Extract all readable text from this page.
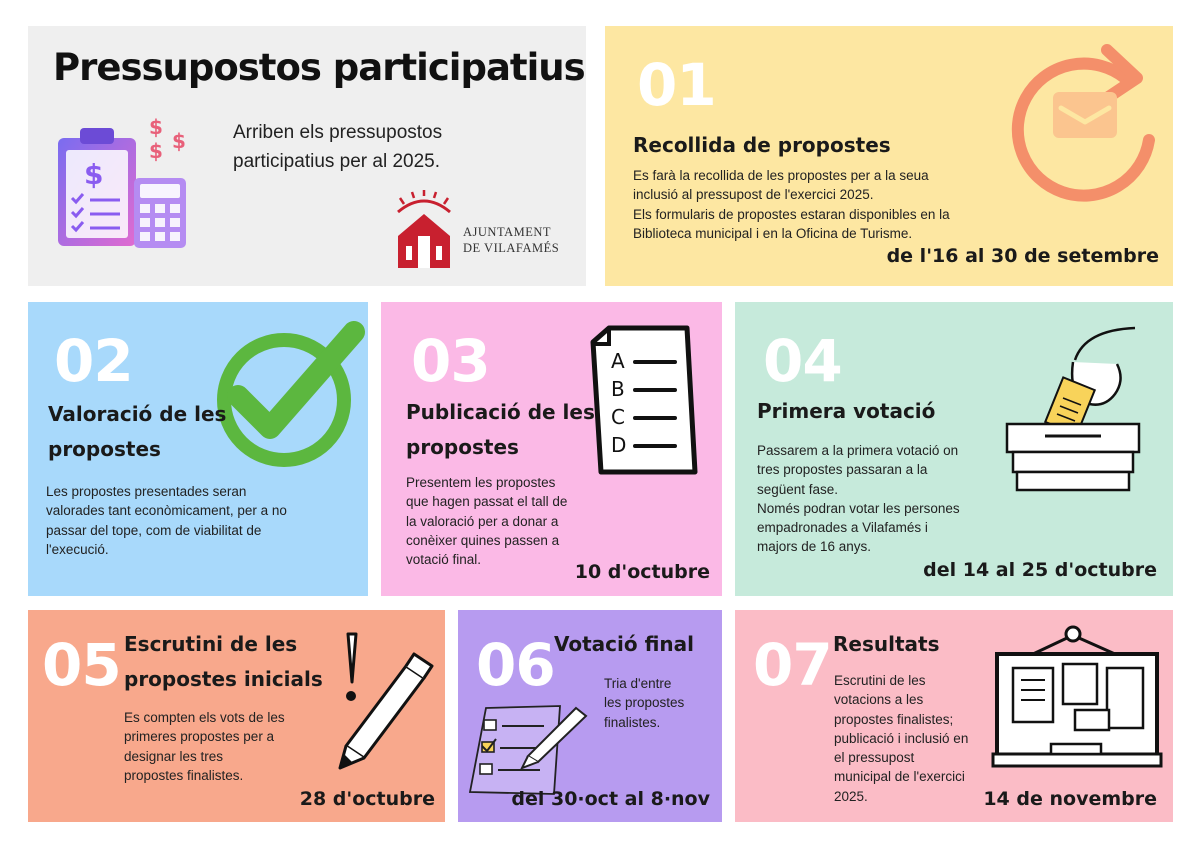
Pressupostos participatius
$
$
$
$
Arriben els pressupostos
participatius per al 2025.
AJUNTAMENT
DE VILAFAMÉS
01
Recollida de propostes
Es farà la recollida de les propostes per a la seua
inclusió al pressupost de l'exercici 2025.
Els formularis de propostes estaran disponibles en la
Biblioteca municipal i en la Oficina de Turisme.
de l'16 al 30 de setembre
02
Valoració de les
propostes
Les propostes presentades seran
valorades tant econòmicament, per a no
passar del tope, com de viabilitat de
l'execució.
03	A
B
C
D
Publicació de les
propostes
Presentem les propostes
que hagen passat el tall de
la valoració per a donar a
conèixer quines passen a
votació final.
10 d'octubre
04
Primera votació
Passarem a la primera votació on
tres propostes passaran a la
següent fase.
Només podran votar les persones
empadronades a Vilafamés i
majors de 16 anys.
del 14 al 25 d'octubre
05 Escrutini de les
propostes inicials
Es compten els vots de les
primeres propostes per a
designar les tres
propostes finalistes.
28 d'octubre
06 Votació final
Tria d'entre
les propostes
finalistes.
del 30·oct al 8·nov
07 Resultats
Escrutini de les
votacions a les
propostes finalistes;
publicació i inclusió en
el pressupost
municipal de l'exercici
2025.	14 de novembre
